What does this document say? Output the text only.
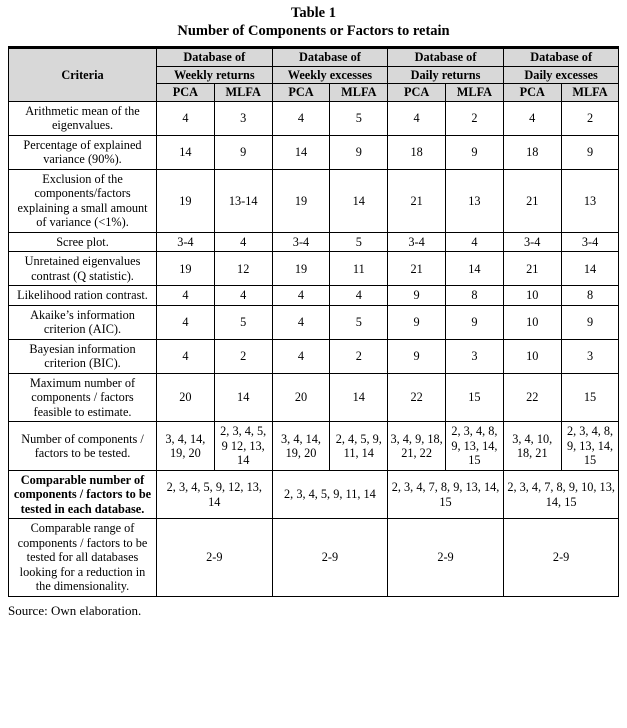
Table 1
Number of Components or Factors to retain
Criteria	Database of		Database of		Database of		Database of	
	Weekly returns		Weekly excesses		Daily returns		Daily excesses	
	PCA	MLFA	PCA	MLFA	PCA	MLFA	PCA	MLFA
Arithmetic mean of the eigenvalues.	4	3	4	5	4	2	4	2
Percentage of explained variance (90%).	14	9	14	9	18	9	18	9
Exclusion of the components/factors explaining a small amount of variance (<1%).	19	13-14	19	14	21	13	21	13
Scree plot.	3-4	4	3-4	5	3-4	4	3-4	3-4
Unretained eigenvalues contrast (Q statistic).	19	12	19	11	21	14	21	14
Likelihood ration contrast.	4	4	4	4	9	8	10	8
Akaike’s information criterion (AIC).	4	5	4	5	9	9	10	9
Bayesian information criterion (BIC).	4	2	4	2	9	3	10	3
Maximum number of components / factors feasible to estimate.	20	14	20	14	22	15	22	15
Number of components / factors to be tested.	3, 4, 14, 19, 20	2, 3, 4, 5, 9 12, 13, 14	3, 4, 14, 19, 20	2, 4, 5, 9, 11, 14	3, 4, 9, 18, 21, 22	2, 3, 4, 8, 9, 13, 14, 15	3, 4, 10, 18, 21	2, 3, 4, 8, 9, 13, 14, 15
Comparable number of components / factors to be tested in each database.	2, 3, 4, 5, 9, 12, 13, 14		2, 3, 4, 5, 9, 11, 14		2, 3, 4, 7, 8, 9, 13, 14, 15		2, 3, 4, 7, 8, 9, 10, 13, 14, 15	
Comparable range of components / factors to be tested for all databases looking for a reduction in the dimensionality.	2-9		2-9		2-9		2-9	
Source: Own elaboration.
